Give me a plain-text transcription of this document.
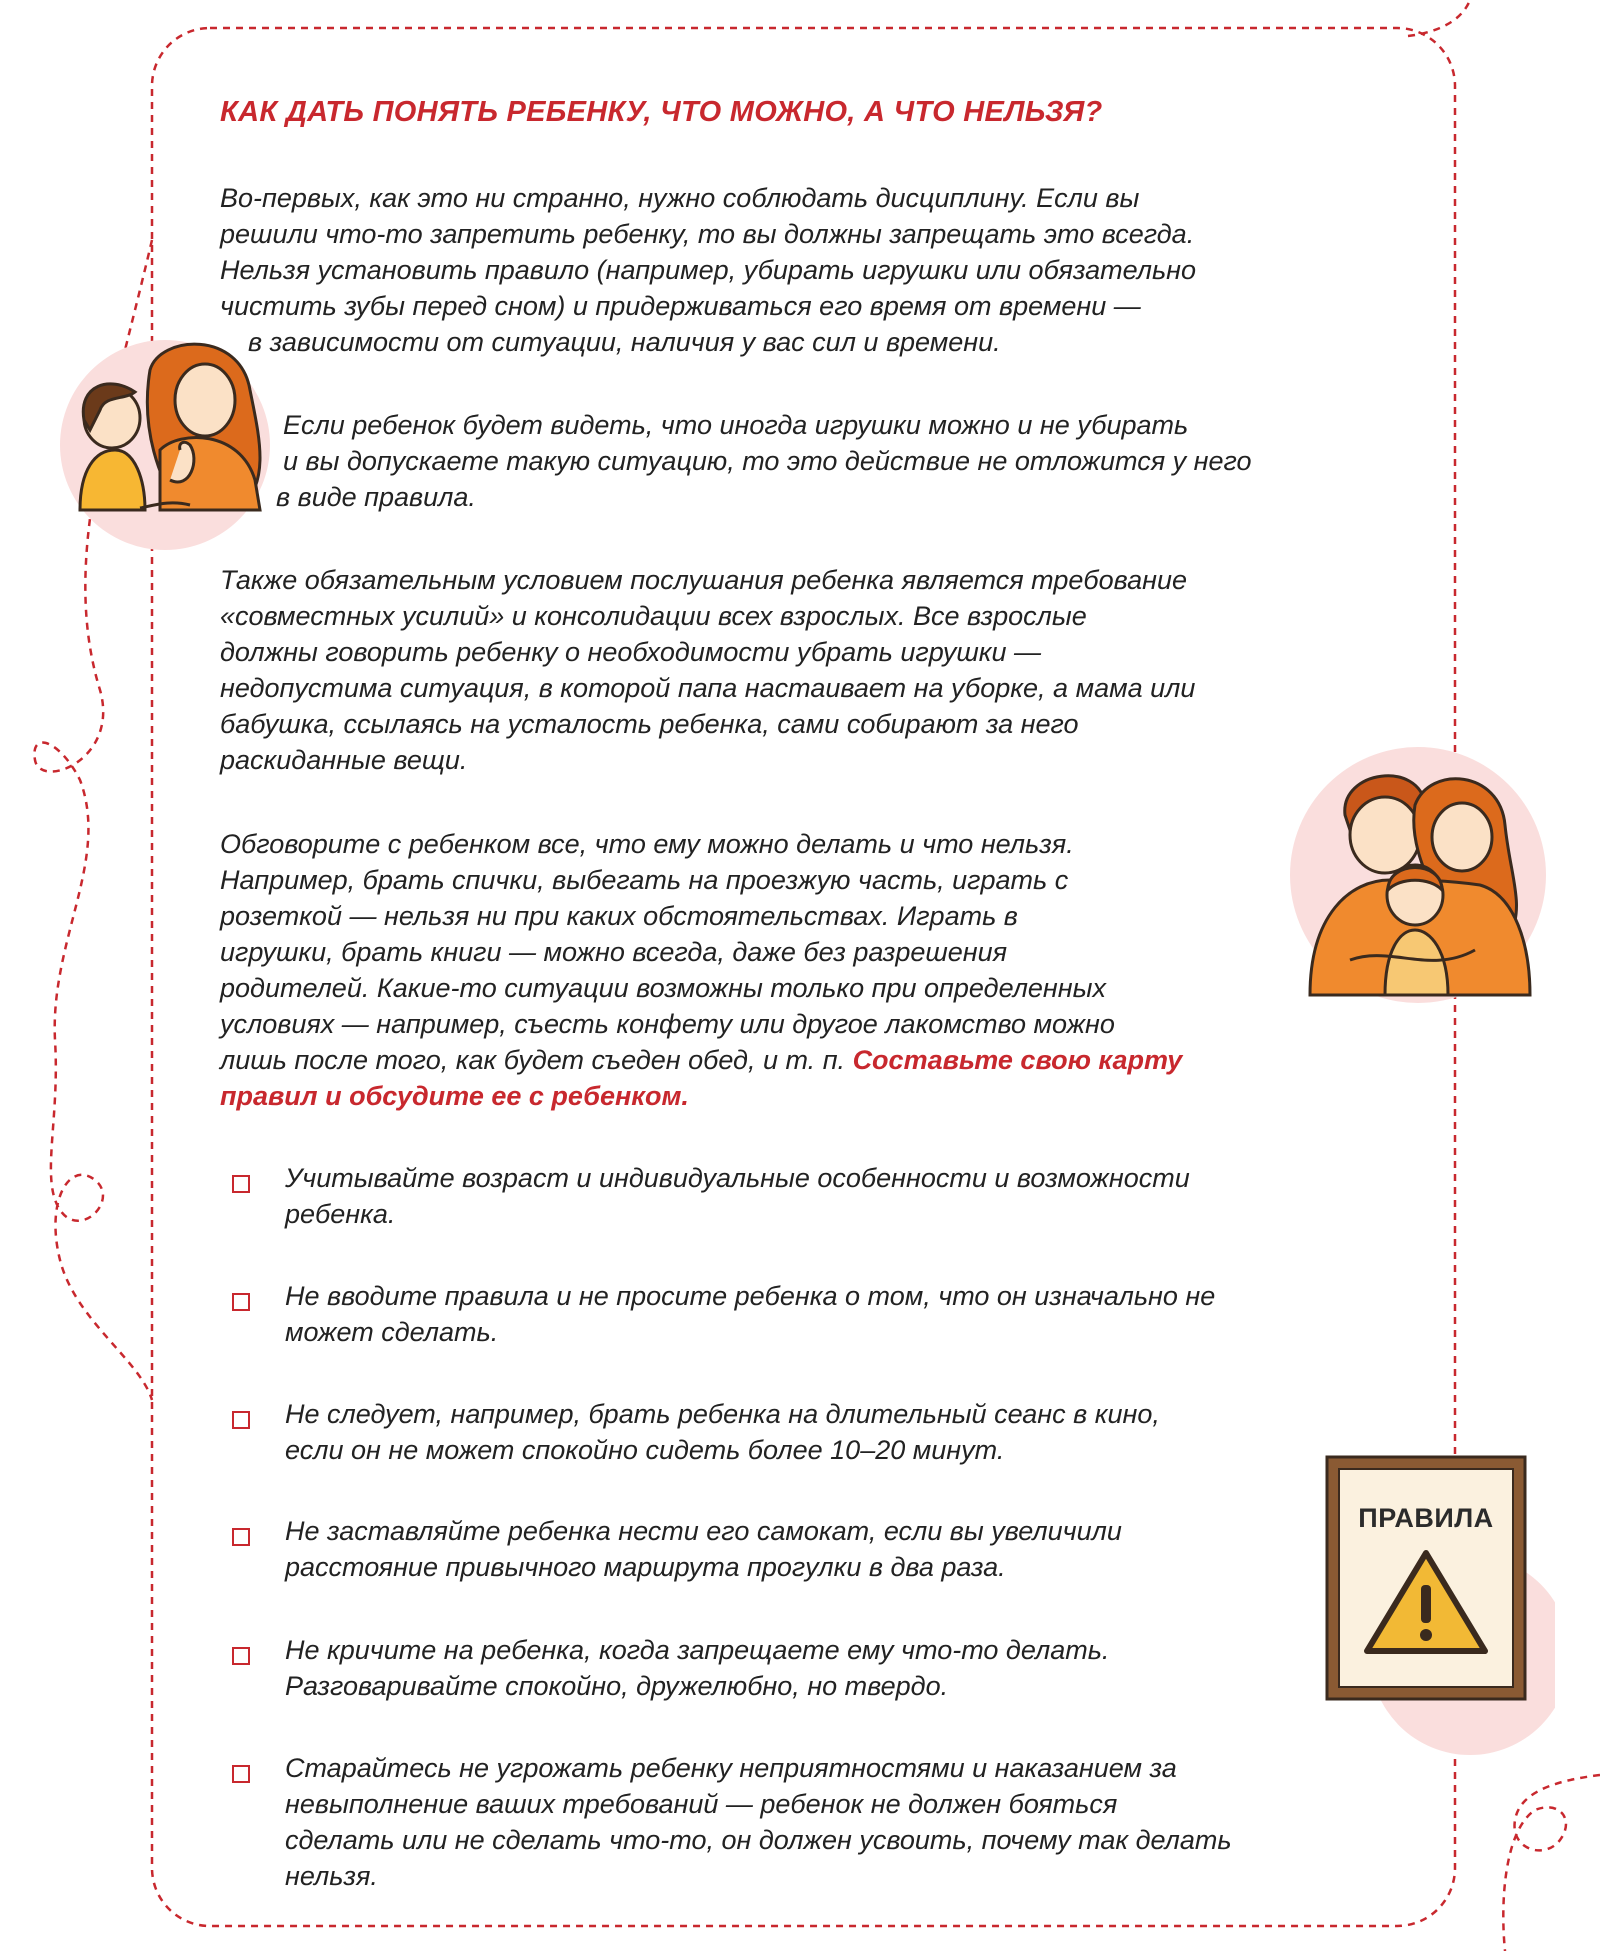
КАК ДАТЬ ПОНЯТЬ РЕБЕНКУ, ЧТО МОЖНО, А ЧТО НЕЛЬЗЯ?
Во-первых, как это ни странно, нужно соблюдать дисциплину. Если вы
решили что-то запретить ребенку, то вы должны запрещать это всегда.
Нельзя установить правило (например, убирать игрушки или обязательно
чистить зубы перед сном) и придерживаться его время от времени —
в зависимости от ситуации, наличия у вас сил и времени.
Если ребенок будет видеть, что иногда игрушки можно и не убирать
и вы допускаете такую ситуацию, то это действие не отложится у него
в виде правила.
Также обязательным условием послушания ребенка является требование
«совместных усилий» и консолидации всех взрослых. Все взрослые
должны говорить ребенку о необходимости убрать игрушки —
недопустима ситуация, в которой папа настаивает на уборке, а мама или
бабушка, ссылаясь на усталость ребенка, сами собирают за него
раскиданные вещи.
Обговорите с ребенком все, что ему можно делать и что нельзя.
Например, брать спички, выбегать на проезжую часть, играть с
розеткой — нельзя ни при каких обстоятельствах. Играть в
игрушки, брать книги — можно всегда, даже без разрешения
родителей. Какие-то ситуации возможны только при определенных
условиях — например, съесть конфету или другое лакомство можно
лишь после того, как будет съеден обед, и т. п. Составьте свою карту
правил и обсудите ее с ребенком.
Учитывайте возраст и индивидуальные особенности и возможности
ребенка.
Не вводите правила и не просите ребенка о том, что он изначально не
может сделать.
Не следует, например, брать ребенка на длительный сеанс в кино,
если он не может спокойно сидеть более 10–20 минут.
Не заставляйте ребенка нести его самокат, если вы увеличили
расстояние привычного маршрута прогулки в два раза.
Не кричите на ребенка, когда запрещаете ему что-то делать.
Разговаривайте спокойно, дружелюбно, но твердо.
Старайтесь не угрожать ребенку неприятностями и наказанием за
невыполнение ваших требований — ребенок не должен бояться
сделать или не сделать что-то, он должен усвоить, почему так делать
нельзя.
ПРАВИЛА
